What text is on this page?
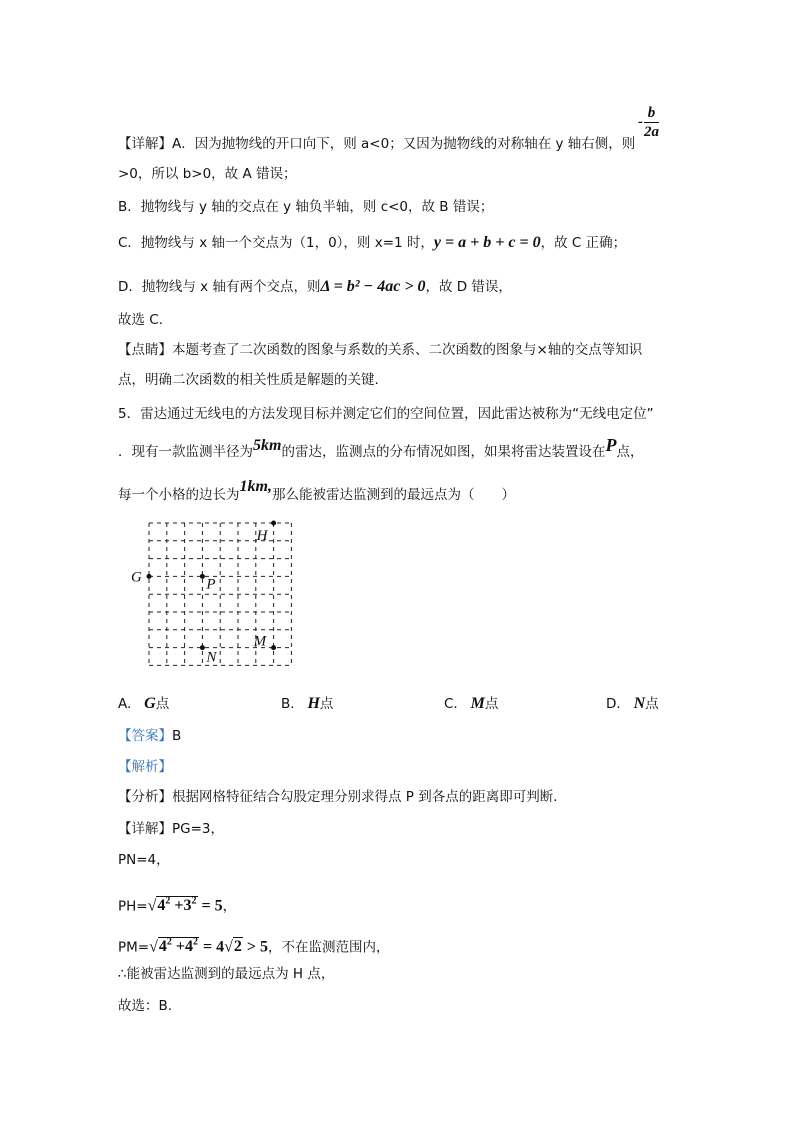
【详解】A．因为抛物线的开口向下，则 a<0；又因为抛物线的对称轴在 y 轴右侧，则
-
b
2a
>0，所以 b>0，故 A 错误；
B．抛物线与 y 轴的交点在 y 轴负半轴，则 c<0，故 B 错误；
C．抛物线与 x 轴一个交点为（1，0），则 x=1 时，y = a + b + c = 0，故 C 正确；
D．抛物线与 x 轴有两个交点，则Δ = b² − 4ac > 0，故 D 错误，
故选 C.
【点睛】本题考查了二次函数的图象与系数的关系、二次函数的图象与×轴的交点等知识
点，明确二次函数的相关性质是解题的关键.
5．雷达通过无线电的方法发现目标并测定它们的空间位置，因此雷达被称为“无线电定位”
．现有一款监测半径为5km的雷达，监测点的分布情况如图，如果将雷达装置设在P点，
每一个小格的边长为1km,那么能被雷达监测到的最远点为（　　）
G	P
H
M
N
A. G点	B. H点	C. M点	D. N点
【答案】B
【解析】
【分析】根据网格特征结合勾股定理分别求得点 P 到各点的距离即可判断．
【详解】PG=3，
PN=4，
$PH=√4^2 +3^2 = 5$，
$PM=√4^2 +4^2 = 4√2 > 5$，不在监测范围内，
∴能被雷达监测到的最远点为 H 点，
故选：B.
